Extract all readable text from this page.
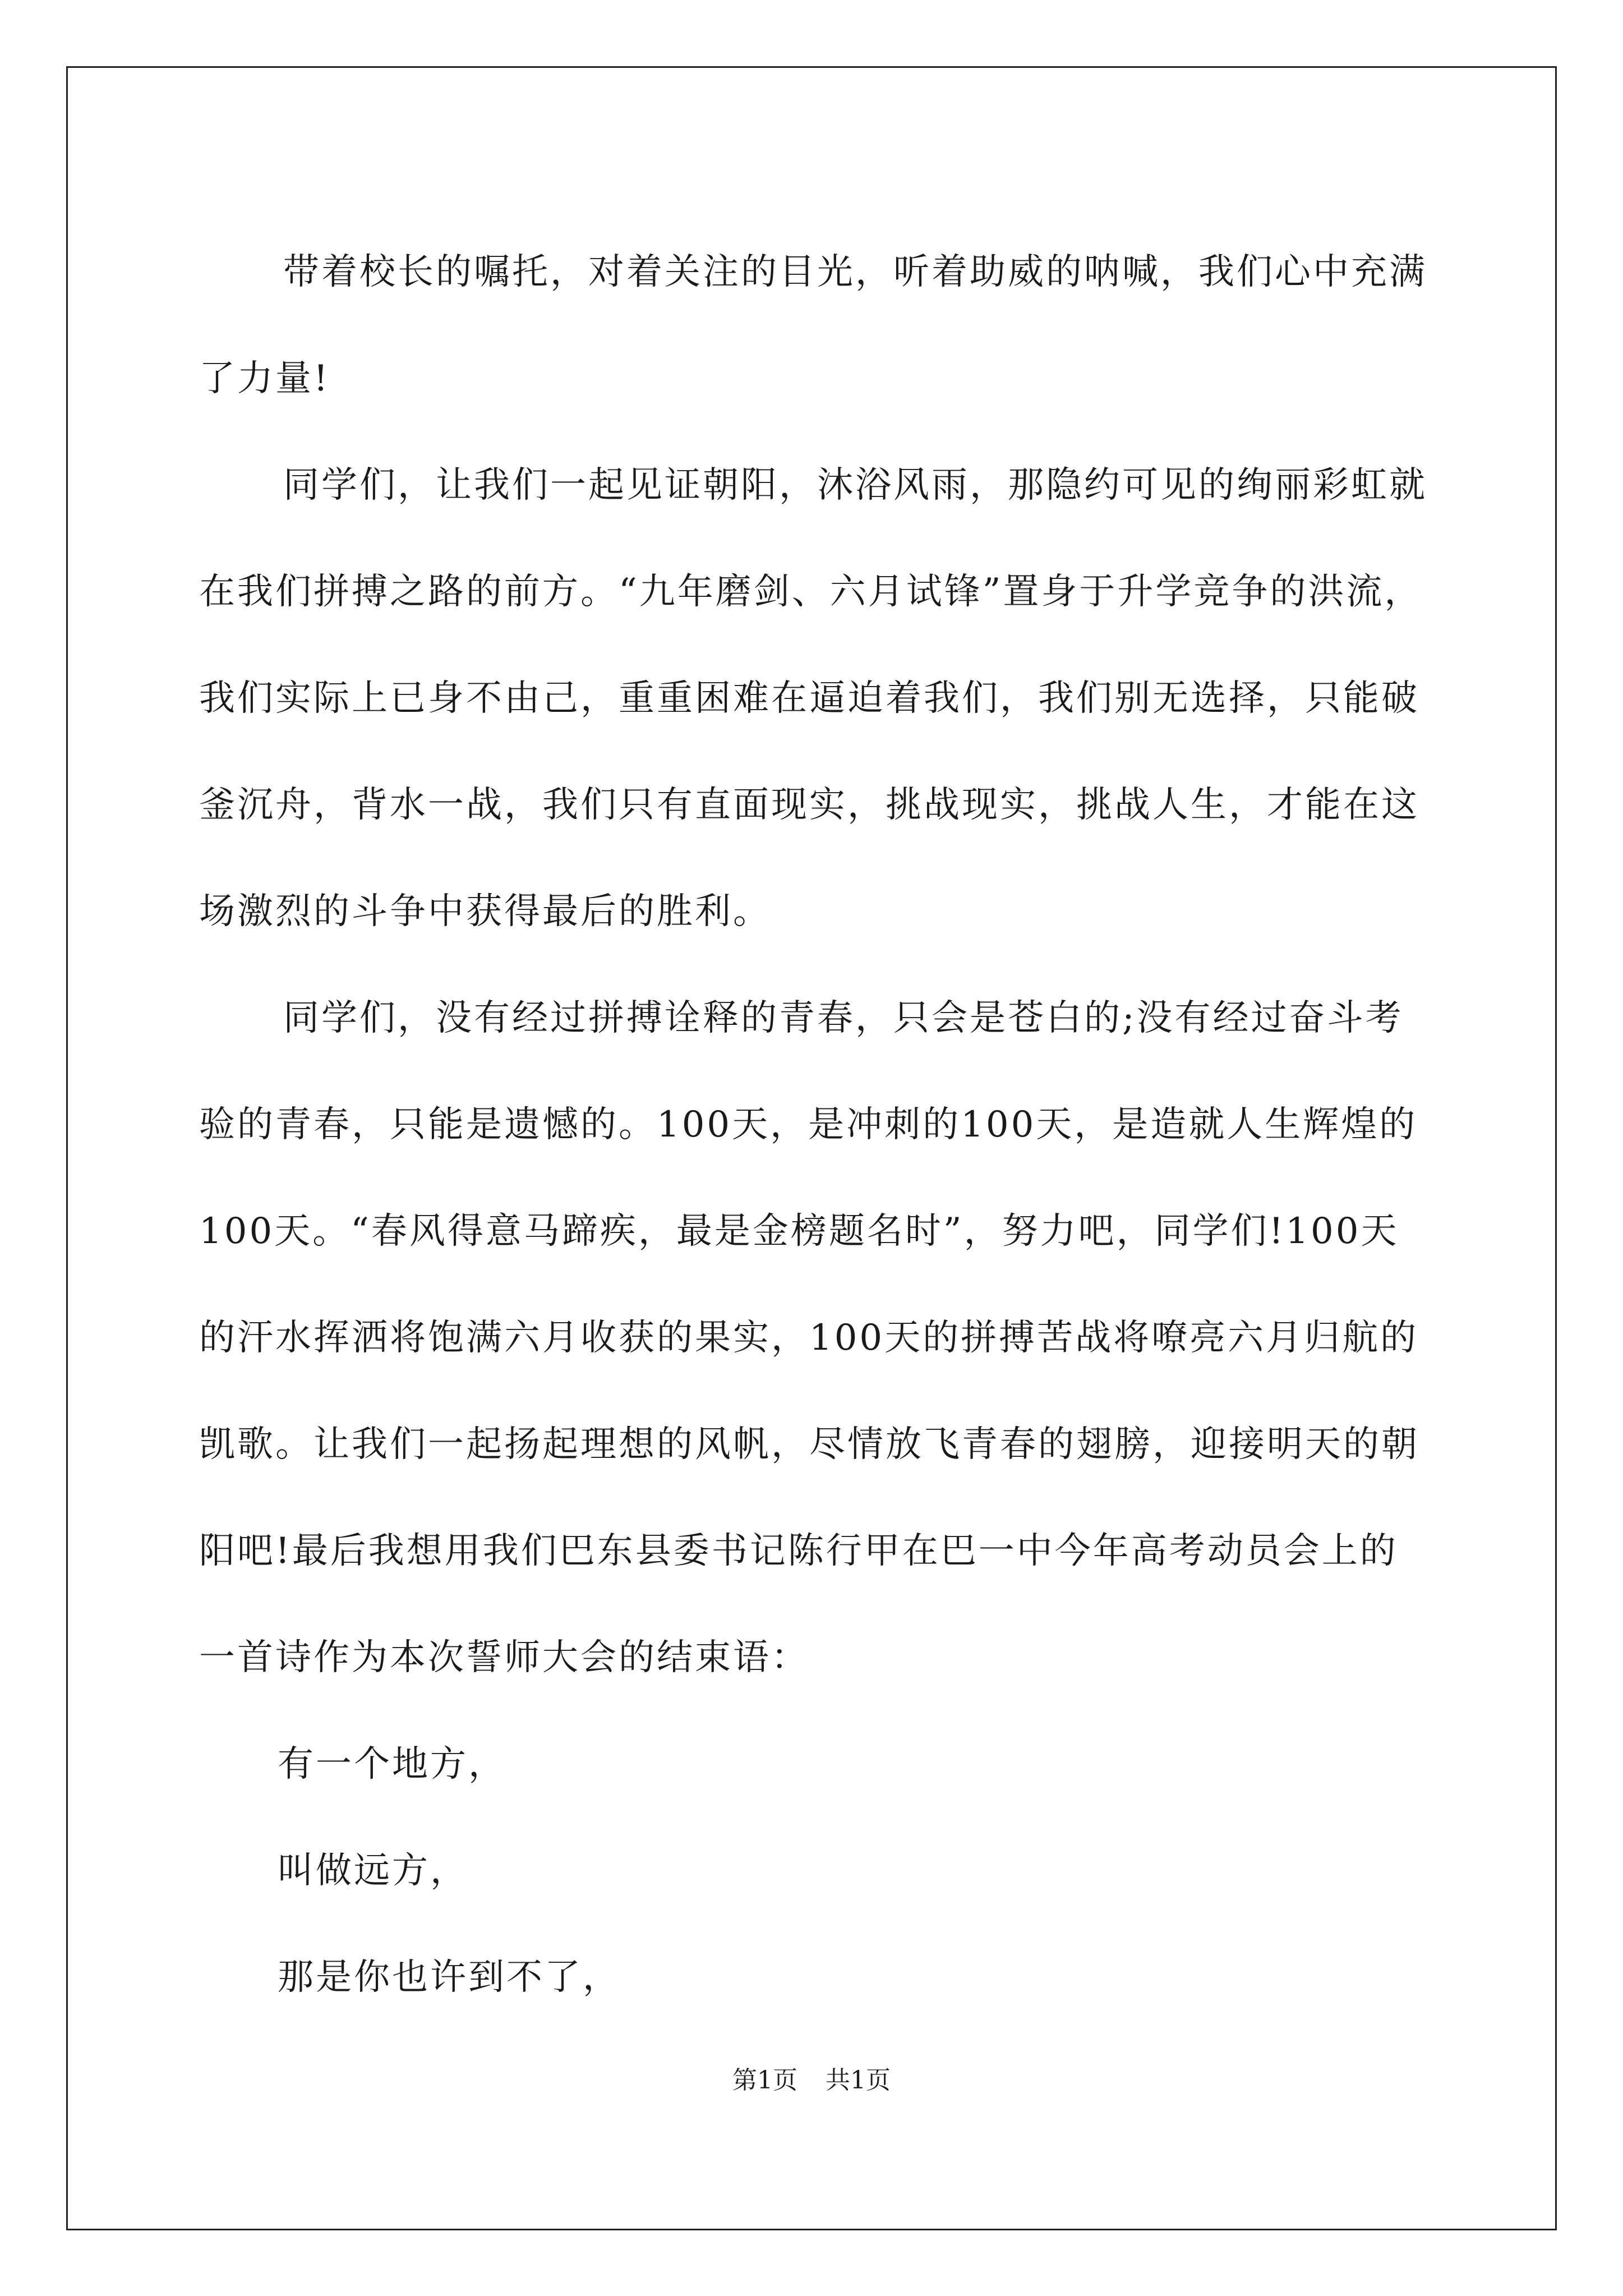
带着校长的嘱托，对着关注的目光，听着助威的呐喊，我们心中充满了力量!

同学们，让我们一起见证朝阳，沐浴风雨，那隐约可见的绚丽彩虹就在我们拼搏之路的前方。“九年磨剑、六月试锋”置身于升学竞争的洪流，我们实际上已身不由己，重重困难在逼迫着我们，我们别无选择，只能破釜沉舟，背水一战，我们只有直面现实，挑战现实，挑战人生，才能在这场激烈的斗争中获得最后的胜利。

同学们，没有经过拼搏诠释的青春，只会是苍白的;没有经过奋斗考验的青春，只能是遗憾的。100天，是冲刺的100天，是造就人生辉煌的100天。“春风得意马蹄疾，最是金榜题名时”，努力吧，同学们!100天的汗水挥洒将饱满六月收获的果实，100天的拼搏苦战将嘹亮六月归航的凯歌。让我们一起扬起理想的风帆，尽情放飞青春的翅膀，迎接明天的朝阳吧!最后我想用我们巴东县委书记陈行甲在巴一中今年高考动员会上的一首诗作为本次誓师大会的结束语：

有一个地方，

叫做远方，

那是你也许到不了，

第1页 共1页
